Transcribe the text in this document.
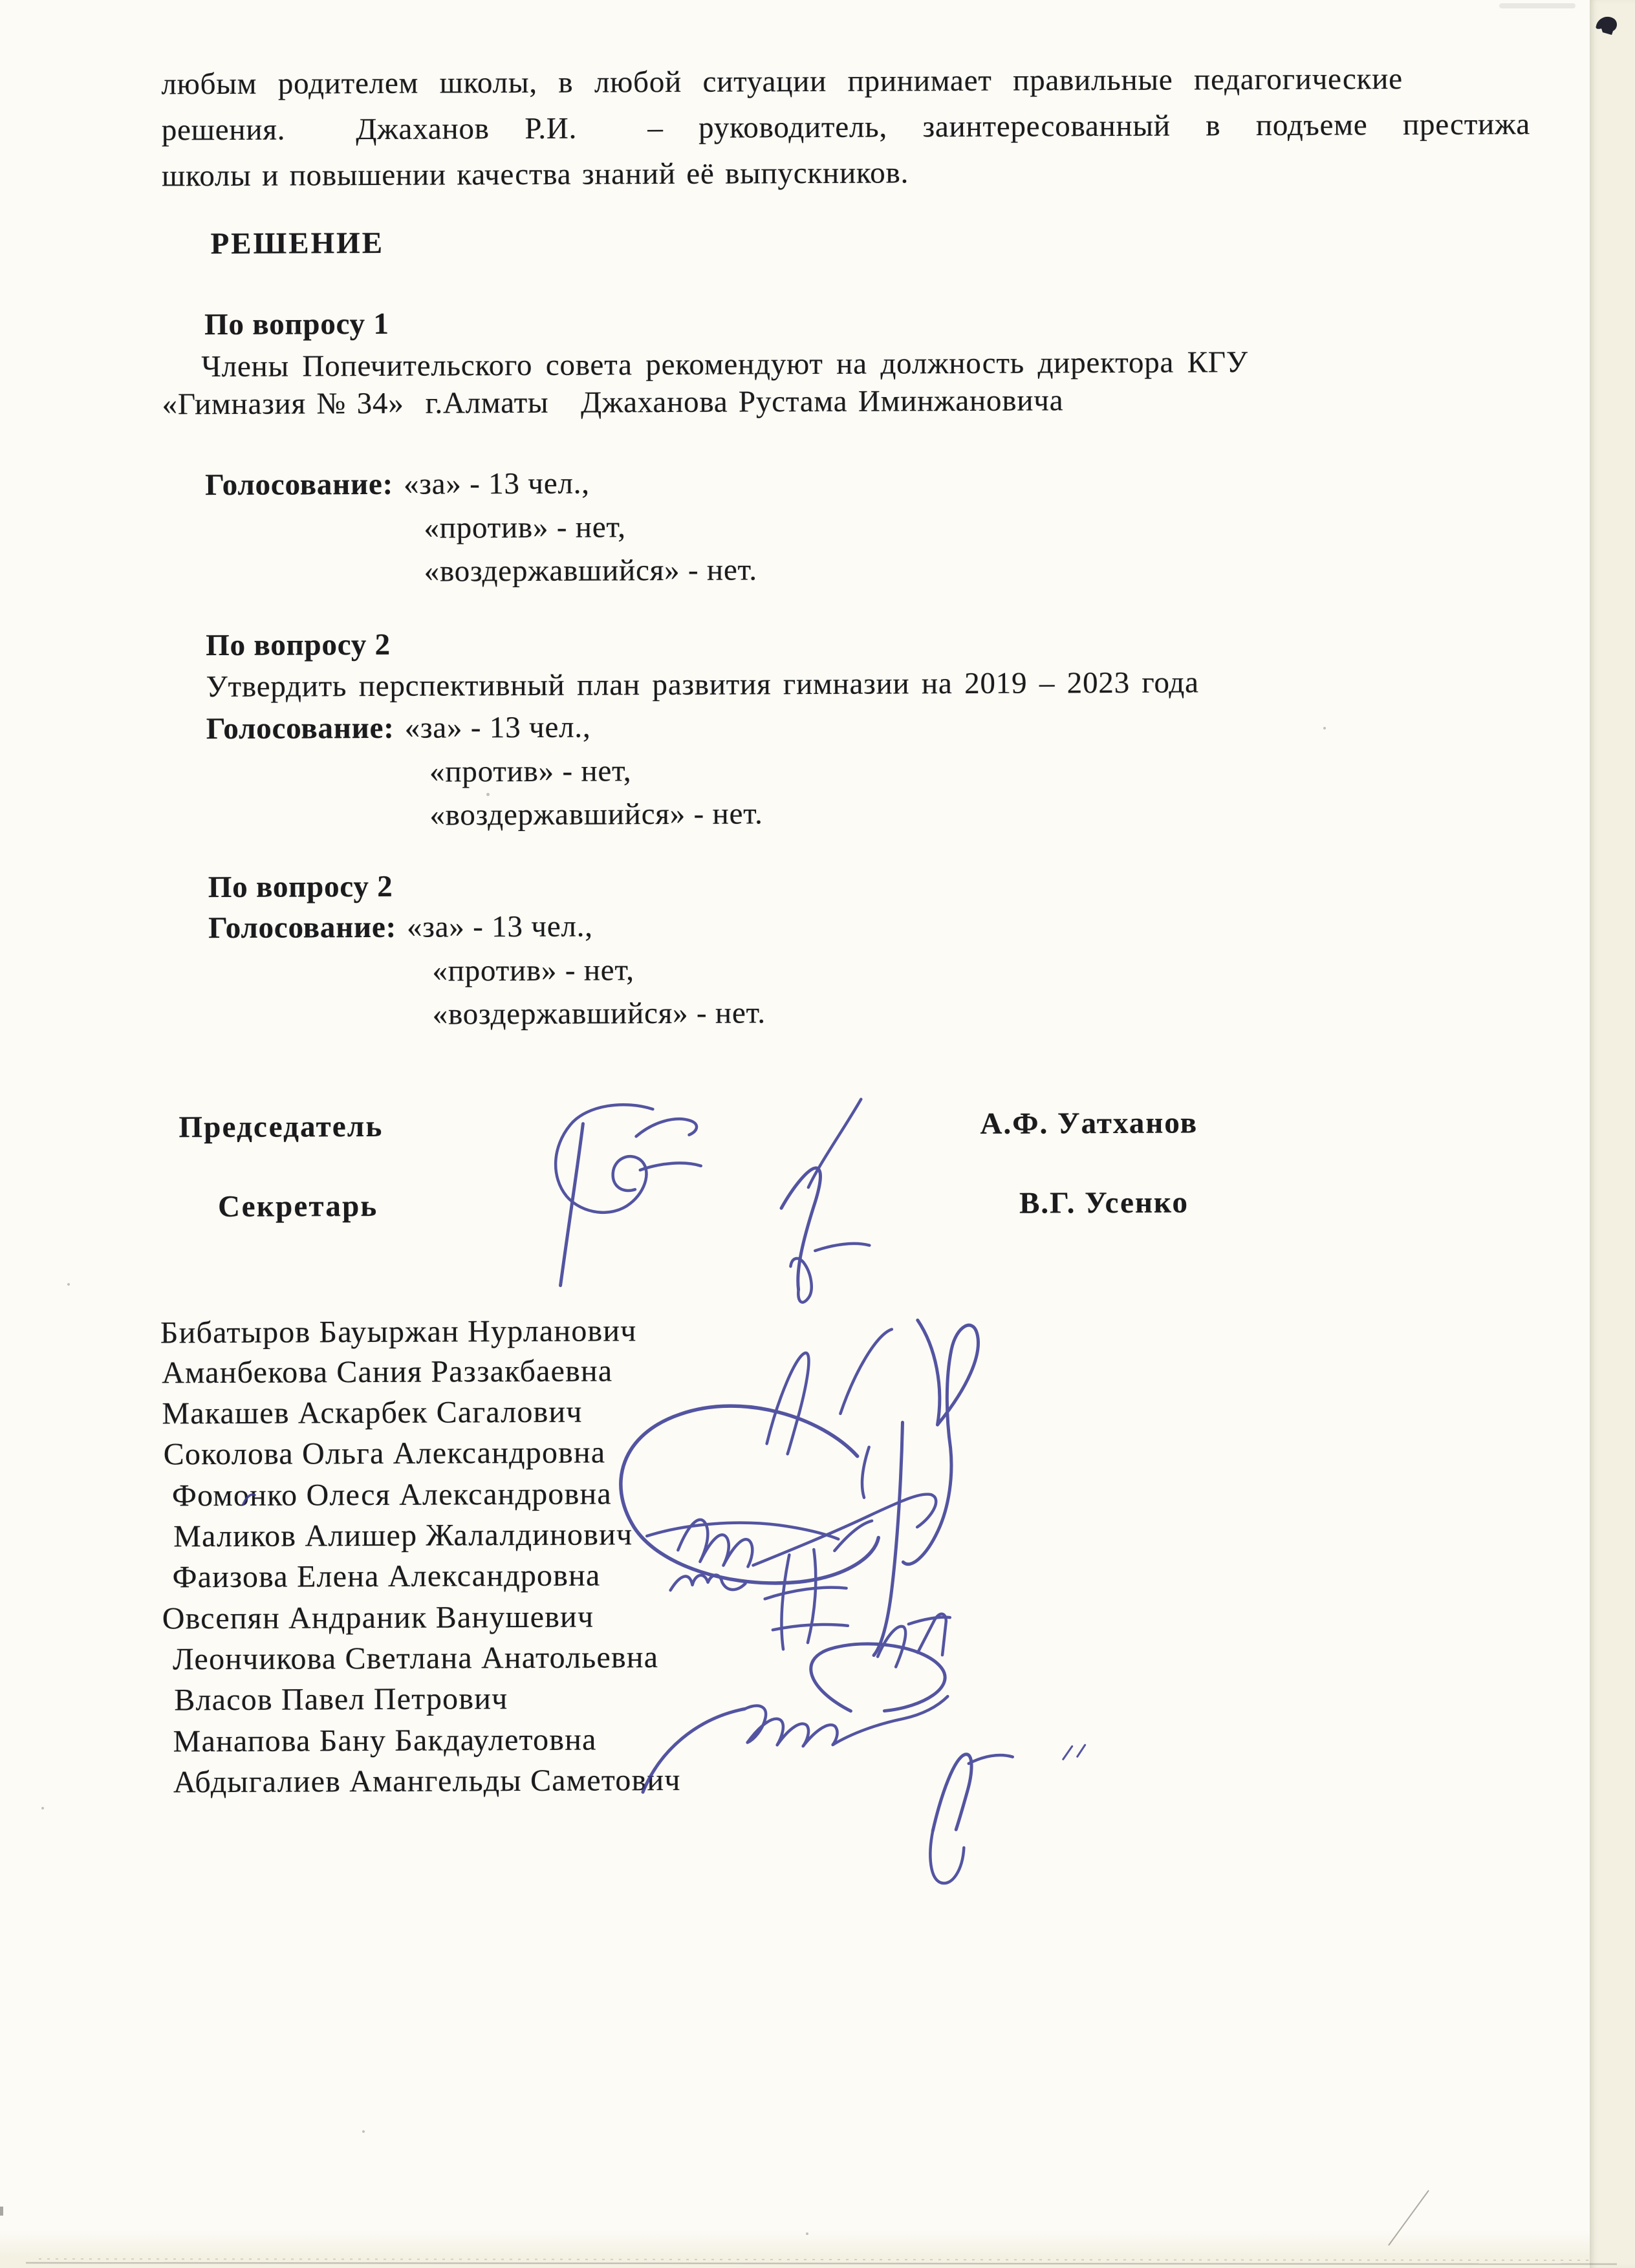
любым родителем школы, в любой ситуации принимает правильные педагогические
решения.  Джаханов Р.И.  – руководитель, заинтересованный в подъеме престижа
школы и повышении качества знаний её выпускников.
РЕШЕНИЕ
По вопросу 1
Члены Попечительского совета рекомендуют на должность директора КГУ
«Гимназия № 34»  г.Алматы   Джаханова Рустама Иминжановича
Голосование: «за» - 13 чел.,
«против» - нет,
«воздержавшийся» - нет.
По вопросу 2
Утвердить перспективный план развития гимназии на 2019 – 2023 года
Голосование: «за» - 13 чел.,
«против» - нет,
«воздержавшийся» - нет.
По вопросу 2
Голосование: «за» - 13 чел.,
«против» - нет,
«воздержавшийся» - нет.
Председатель	А.Ф. Уатханов
Секретарь	В.Г. Усенко
Бибатыров Бауыржан Нурланович
Аманбекова Сания Раззакбаевна
Макашев Аскарбек Сагалович
Соколова Ольга Александровна
Фомонко Олеся Александровна
Маликов Алишер Жалалдинович
Фаизова Елена Александровна
Овсепян Андраник Ванушевич
Леончикова Светлана Анатольевна
Власов Павел Петрович
Манапова Бану Бакдаулетовна
Абдыгалиев Амангельды Саметович
